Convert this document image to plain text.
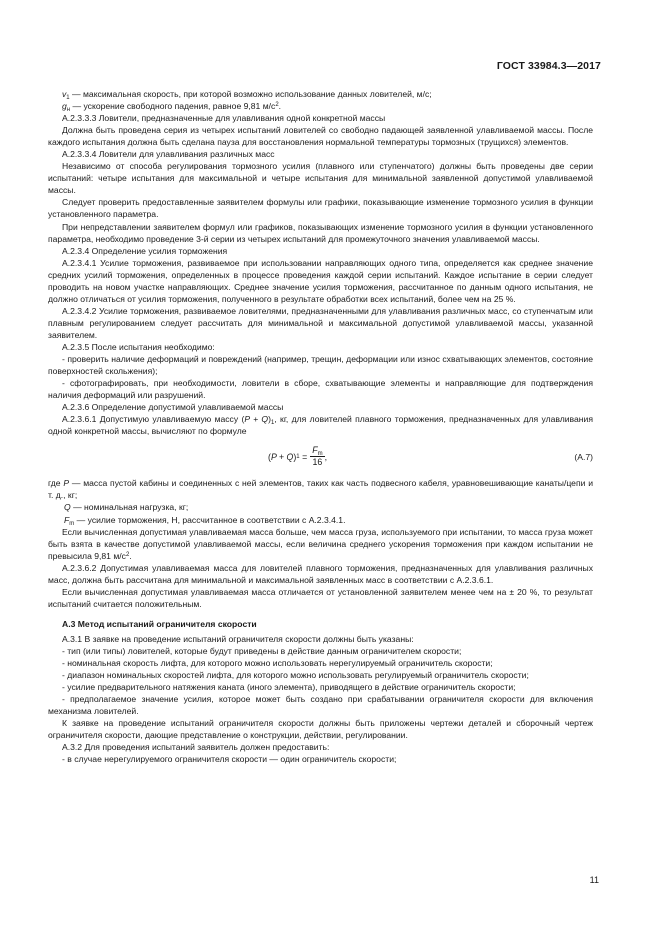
ГОСТ 33984.3—2017

$v_1$ — максимальная скорость, при которой возможно использование данных ловителей, м/с;

$g_н$ — ускорение свободного падения, равное 9,81 $м/с^2$.

А.2.3.3.3 Ловители, предназначенные для улавливания одной конкретной массы

Должна быть проведена серия из четырех испытаний ловителей со свободно падающей заявленной улавливаемой массы. После каждого испытания должна быть сделана пауза для восстановления нормальной температуры тормозных (трущихся) элементов.

А.2.3.3.4 Ловители для улавливания различных масс

Независимо от способа регулирования тормозного усилия (плавного или ступенчатого) должны быть проведены две серии испытаний: четыре испытания для максимальной и четыре испытания для минимальной заявленной допустимой улавливаемой массы.

Следует проверить предоставленные заявителем формулы или графики, показывающие изменение тормозного усилия в функции установленного параметра.

При непредставлении заявителем формул или графиков, показывающих изменение тормозного усилия в функции установленного параметра, необходимо проведение 3-й серии из четырех испытаний для промежуточного значения улавливаемой массы.

А.2.3.4 Определение усилия торможения

А.2.3.4.1 Усилие торможения, развиваемое при использовании направляющих одного типа, определяется как среднее значение средних усилий торможения, определенных в процессе проведения каждой серии испытаний. Каждое испытание в серии следует проводить на новом участке направляющих. Среднее значение усилия торможения, рассчитанное по данным одного испытания, не должно отличаться от усилия торможения, полученного в результате обработки всех испытаний, более чем на 25 %.

А.2.3.4.2 Усилие торможения, развиваемое ловителями, предназначенными для улавливания различных масс, со ступенчатым или плавным регулированием следует рассчитать для минимальной и максимальной допустимой улавливаемой массы, указанной заявителем.

А.2.3.5 После испытания необходимо:

- проверить наличие деформаций и повреждений (например, трещин, деформации или износ схватывающих элементов, состояние поверхностей скольжения);

- сфотографировать, при необходимости, ловители в сборе, схватывающие элементы и направляющие для подтверждения наличия деформаций или разрушений.

А.2.3.6 Определение допустимой улавливаемой массы

А.2.3.6.1 Допустимую улавливаемую массу $(P + Q)_1$, кг, для ловителей плавного торможения, предназначенных для улавливания одной конкретной массы, вычисляют по формуле

( P + Q ) $1 = \frac{F_m}{16}$ ,	(А.7)

где P — масса пустой кабины и соединенных с ней элементов, таких как часть подвесного кабеля, уравновешивающие канаты/цепи и т. д., кг;

Q — номинальная нагрузка, кг;

$F_m$ — усилие торможения, Н, рассчитанное в соответствии с А.2.3.4.1.

Если вычисленная допустимая улавливаемая масса больше, чем масса груза, используемого при испытании, то масса груза может быть взята в качестве допустимой улавливаемой массы, если величина среднего ускорения торможения при каждом испытании не превысила 9,81 $м/с^2$.

А.2.3.6.2 Допустимая улавливаемая масса для ловителей плавного торможения, предназначенных для улавливания различных масс, должна быть рассчитана для минимальной и максимальной заявленных масс в соответствии с А.2.3.6.1.

Если вычисленная допустимая улавливаемая масса отличается от установленной заявителем менее чем на ± 20 %, то результат испытаний считается положительным.

А.3 Метод испытаний ограничителя скорости

А.3.1 В заявке на проведение испытаний ограничителя скорости должны быть указаны:

- тип (или типы) ловителей, которые будут приведены в действие данным ограничителем скорости;

- номинальная скорость лифта, для которого можно использовать нерегулируемый ограничитель скорости;

- диапазон номинальных скоростей лифта, для которого можно использовать регулируемый ограничитель скорости;

- усилие предварительного натяжения каната (иного элемента), приводящего в действие ограничитель скорости;

- предполагаемое значение усилия, которое может быть создано при срабатывании ограничителя скорости для включения механизма ловителей.

К заявке на проведение испытаний ограничителя скорости должны быть приложены чертежи деталей и сборочный чертеж ограничителя скорости, дающие представление о конструкции, действии, регулировании.

А.3.2 Для проведения испытаний заявитель должен предоставить:

- в случае нерегулируемого ограничителя скорости — один ограничитель скорости;

11
